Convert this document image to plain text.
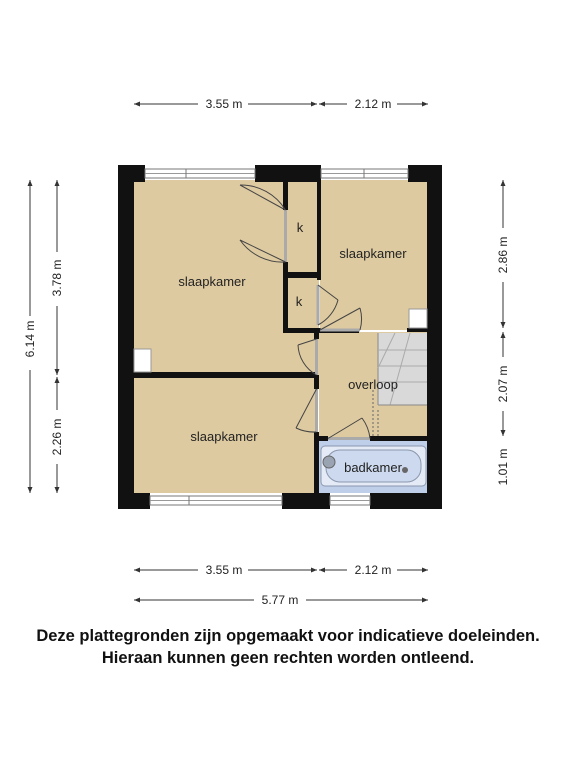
slaapkamer
slaapkamer
slaapkamer
k
k
overloop
badkamer
3.55 m	2.12 m
3.55 m	2.12 m
5.77 m
6.14 m
3.78 m
2.26 m
2.86 m
2.07 m
1.01 m
Deze plattegronden zijn opgemaakt voor indicatieve doeleinden.
Hieraan kunnen geen rechten worden ontleend.
